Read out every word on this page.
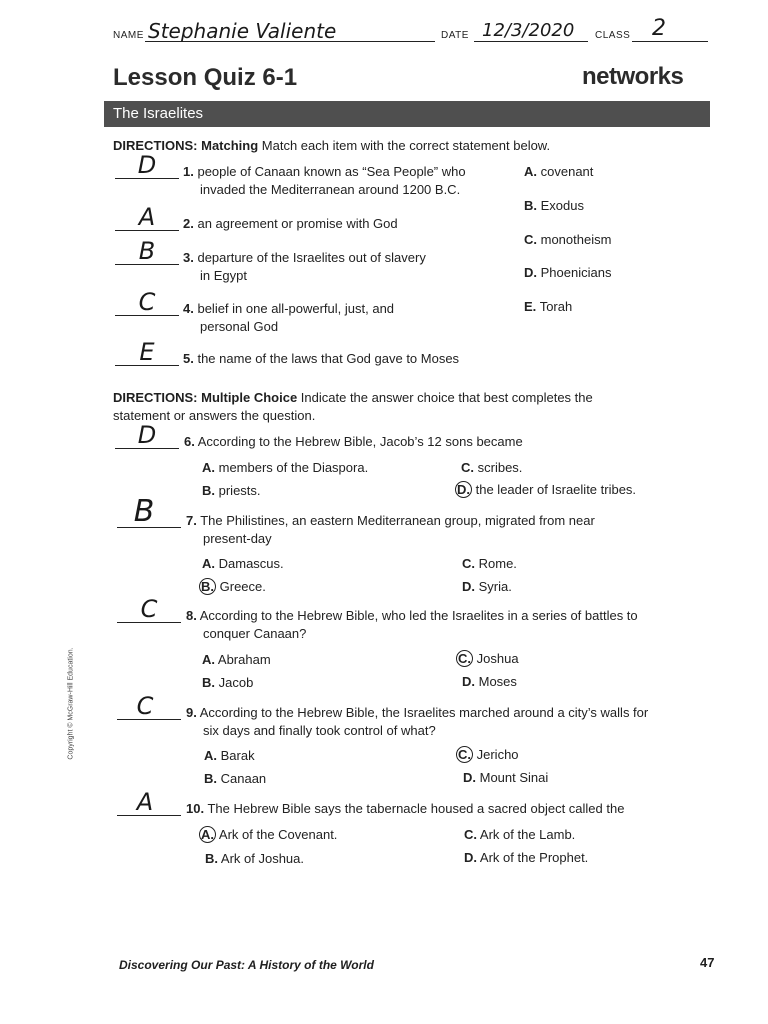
NAME Stephanie Valiente	DATE 12/3/2020 CLASS 2
Lesson Quiz 6-1	networks
The Israelites
DIRECTIONS: Matching Match each item with the correct statement below.
D	1. people of Canaan known as “Sea People” who
invaded the Mediterranean around 1200 B.C.
A	2. an agreement or promise with God
B	3. departure of the Israelites out of slavery
in Egypt
C	4. belief in one all-powerful, just, and
personal God
E	5. the name of the laws that God gave to Moses
A. covenant
B. Exodus
C. monotheism
D. Phoenicians
E. Torah
DIRECTIONS: Multiple Choice Indicate the answer choice that best completes the
statement or answers the question.
D	6. According to the Hebrew Bible, Jacob’s 12 sons became
A. members of the Diaspora.
B. priests.
C. scribes.
D. the leader of Israelite tribes.
B	7. The Philistines, an eastern Mediterranean group, migrated from near
present-day
A. Damascus.
B. Greece.
C. Rome.
D. Syria.
C	8. According to the Hebrew Bible, who led the Israelites in a series of battles to
conquer Canaan?
A. Abraham
B. Jacob
C. Joshua
D. Moses
C	9. According to the Hebrew Bible, the Israelites marched around a city’s walls for
six days and finally took control of what?
A. Barak
B. Canaan
C. Jericho
D. Mount Sinai
A	10. The Hebrew Bible says the tabernacle housed a sacred object called the
A. Ark of the Covenant.
B. Ark of Joshua.
C. Ark of the Lamb.
D. Ark of the Prophet.
Copyright © McGraw-Hill Education.
Discovering Our Past: A History of the World	47
